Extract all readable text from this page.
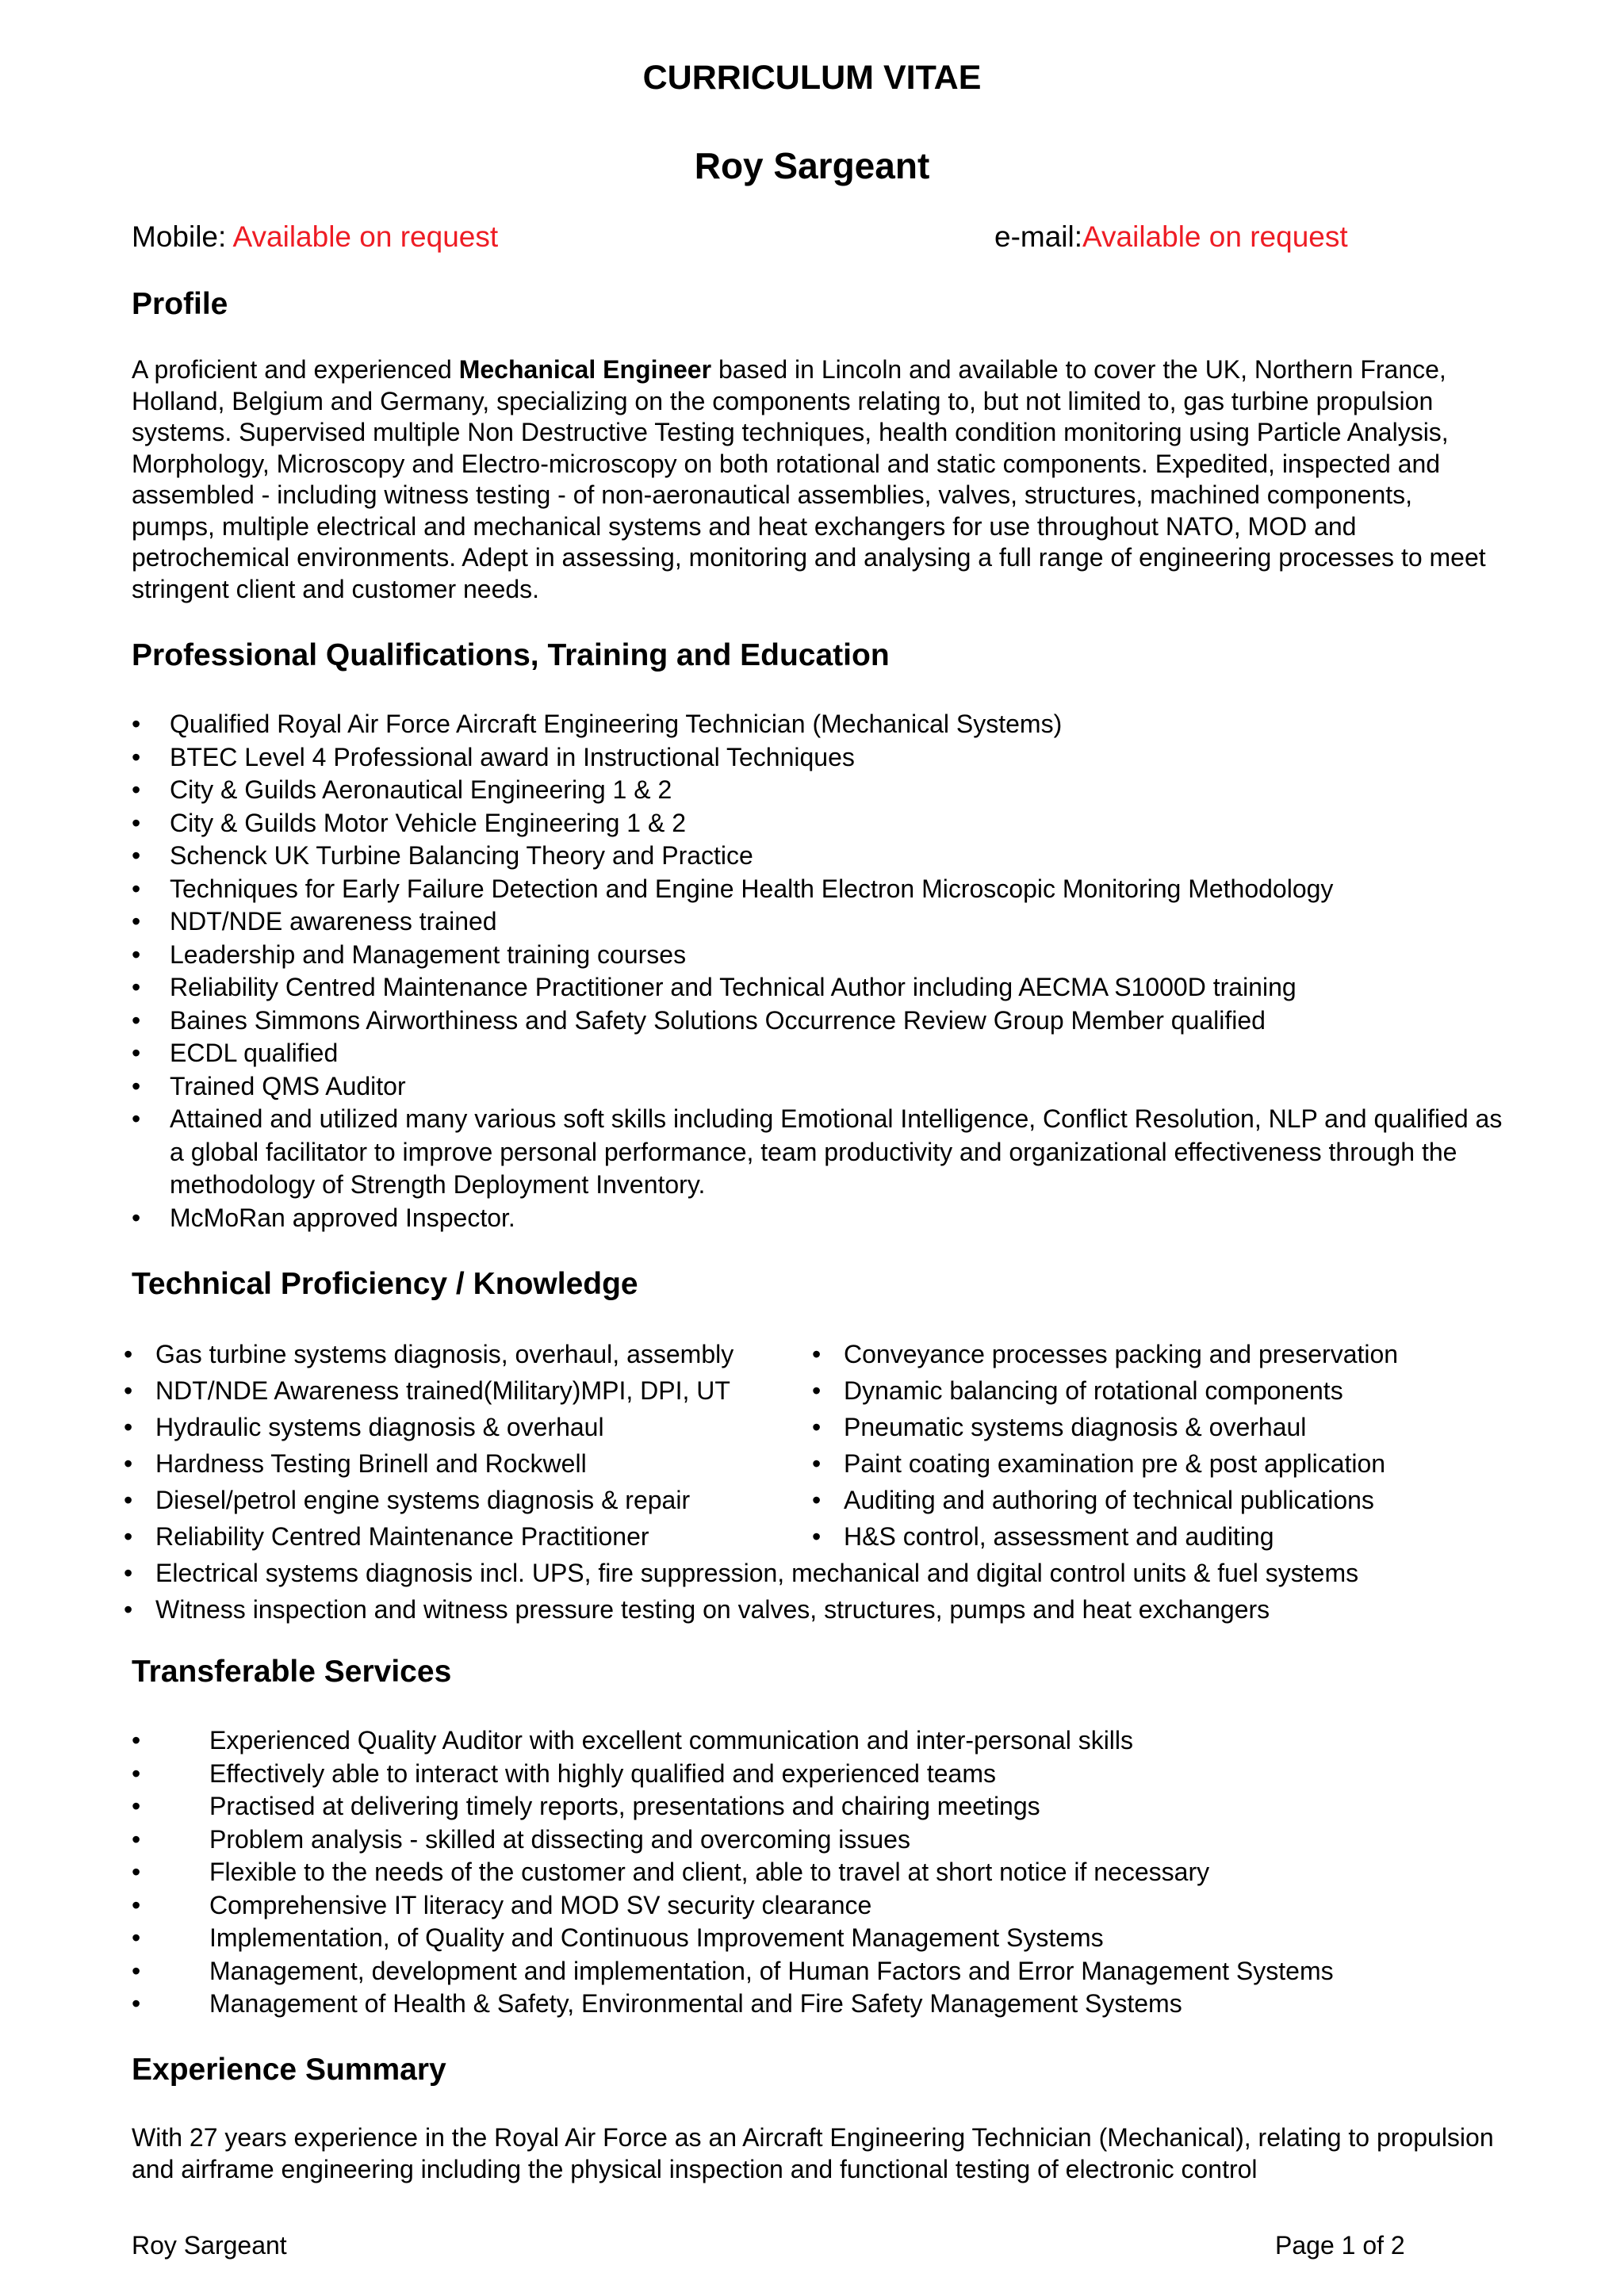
CURRICULUM VITAE
Roy Sargeant
Mobile: Available on request	e-mail:Available on request
Profile

A proficient and experienced Mechanical Engineer based in Lincoln and available to cover the UK, Northern France, Holland, Belgium and Germany, specializing on the components relating to, but not limited to, gas turbine propulsion systems. Supervised multiple Non Destructive Testing techniques, health condition monitoring using Particle Analysis, Morphology, Microscopy and Electro-microscopy on both rotational and static components. Expedited, inspected and assembled - including witness testing - of non-aeronautical assemblies, valves, structures, machined components, pumps, multiple electrical and mechanical systems and heat exchangers for use throughout NATO, MOD and petrochemical environments. Adept in assessing, monitoring and analysing a full range of engineering processes to meet stringent client and customer needs.

Professional Qualifications, Training and Education
• Qualified Royal Air Force Aircraft Engineering Technician (Mechanical Systems)
• BTEC Level 4 Professional award in Instructional Techniques
• City & Guilds Aeronautical Engineering 1 & 2
• City & Guilds Motor Vehicle Engineering 1 & 2
• Schenck UK Turbine Balancing Theory and Practice
• Techniques for Early Failure Detection and Engine Health Electron Microscopic Monitoring Methodology
• NDT/NDE awareness trained
• Leadership and Management training courses
• Reliability Centred Maintenance Practitioner and Technical Author including AECMA S1000D training
• Baines Simmons Airworthiness and Safety Solutions Occurrence Review Group Member qualified
• ECDL qualified
• Trained QMS Auditor
• Attained and utilized many various soft skills including Emotional Intelligence, Conflict Resolution, NLP and qualified as a global facilitator to improve personal performance, team productivity and organizational effectiveness through the methodology of Strength Deployment Inventory.
• McMoRan approved Inspector.
Technical Proficiency / Knowledge
• Gas turbine systems diagnosis, overhaul, assembly
• NDT/NDE Awareness trained(Military)MPI, DPI, UT
• Hydraulic systems diagnosis & overhaul
• Hardness Testing Brinell and Rockwell
• Diesel/petrol engine systems diagnosis & repair
• Reliability Centred Maintenance Practitioner
• Conveyance processes packing and preservation
• Dynamic balancing of rotational components
• Pneumatic systems diagnosis & overhaul
• Paint coating examination pre & post application
• Auditing and authoring of technical publications
• H&S control, assessment and auditing
• Electrical systems diagnosis incl. UPS, fire suppression, mechanical and digital control units & fuel systems
• Witness inspection and witness pressure testing on valves, structures, pumps and heat exchangers
Transferable Services
•	Experienced Quality Auditor with excellent communication and inter-personal skills
•	Effectively able to interact with highly qualified and experienced teams
•	Practised at delivering timely reports, presentations and chairing meetings
•	Problem analysis - skilled at dissecting and overcoming issues
•	Flexible to the needs of the customer and client, able to travel at short notice if necessary
•	Comprehensive IT literacy and MOD SV security clearance
•	Implementation, of Quality and Continuous Improvement Management Systems
•	Management, development and implementation, of Human Factors and Error Management Systems
•	Management of Health & Safety, Environmental and Fire Safety Management Systems
Experience Summary

With 27 years experience in the Royal Air Force as an Aircraft Engineering Technician (Mechanical), relating to propulsion and airframe engineering including the physical inspection and functional testing of electronic control

Roy Sargeant	Page 1 of 2
